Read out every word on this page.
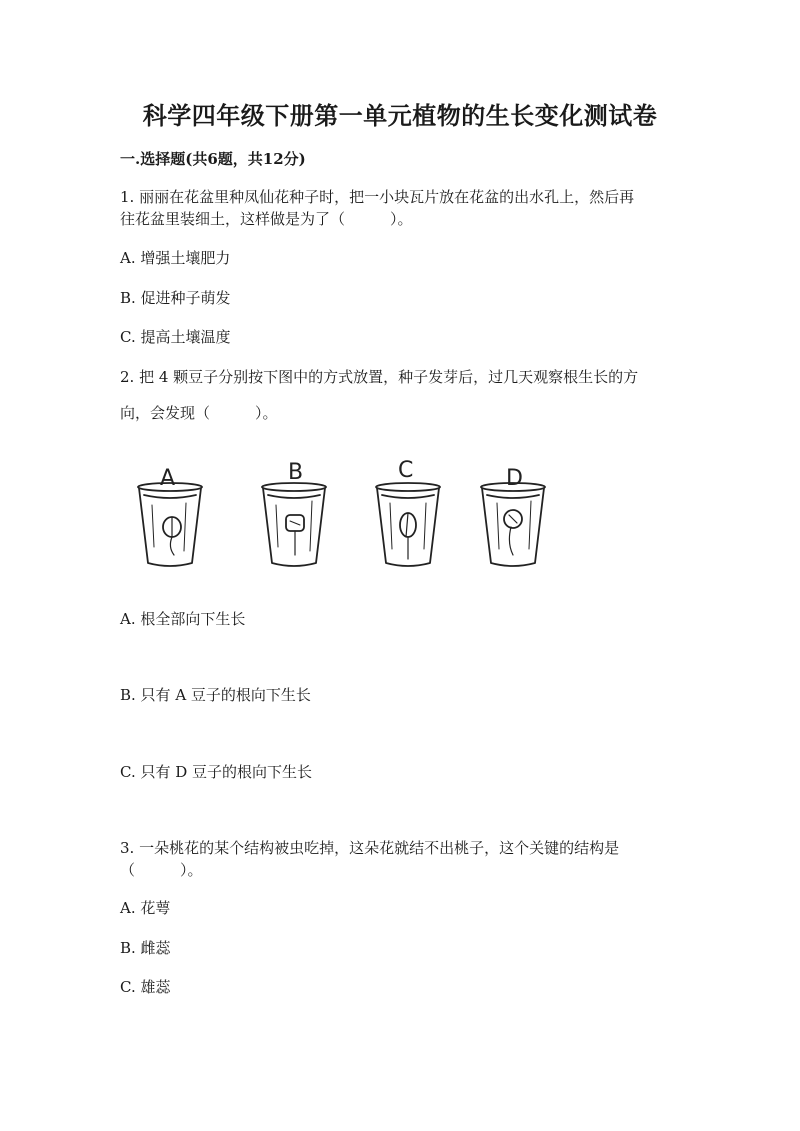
科学四年级下册第一单元植物的生长变化测试卷
一.选择题(共6题，共12分)
1. 丽丽在花盆里种凤仙花种子时，把一小块瓦片放在花盆的出水孔上，然后再
往花盆里装细土，这样做是为了（　　　）。
A. 增强土壤肥力
B. 促进种子萌发
C. 提高土壤温度
2. 把 4 颗豆子分别按下图中的方式放置，种子发芽后，过几天观察根生长的方
向，会发现（　　　）。
A	B	C	D
A. 根全部向下生长
B. 只有 A 豆子的根向下生长
C. 只有 D 豆子的根向下生长
3. 一朵桃花的某个结构被虫吃掉，这朵花就结不出桃子，这个关键的结构是
（　　　）。
A. 花萼
B. 雌蕊
C. 雄蕊
